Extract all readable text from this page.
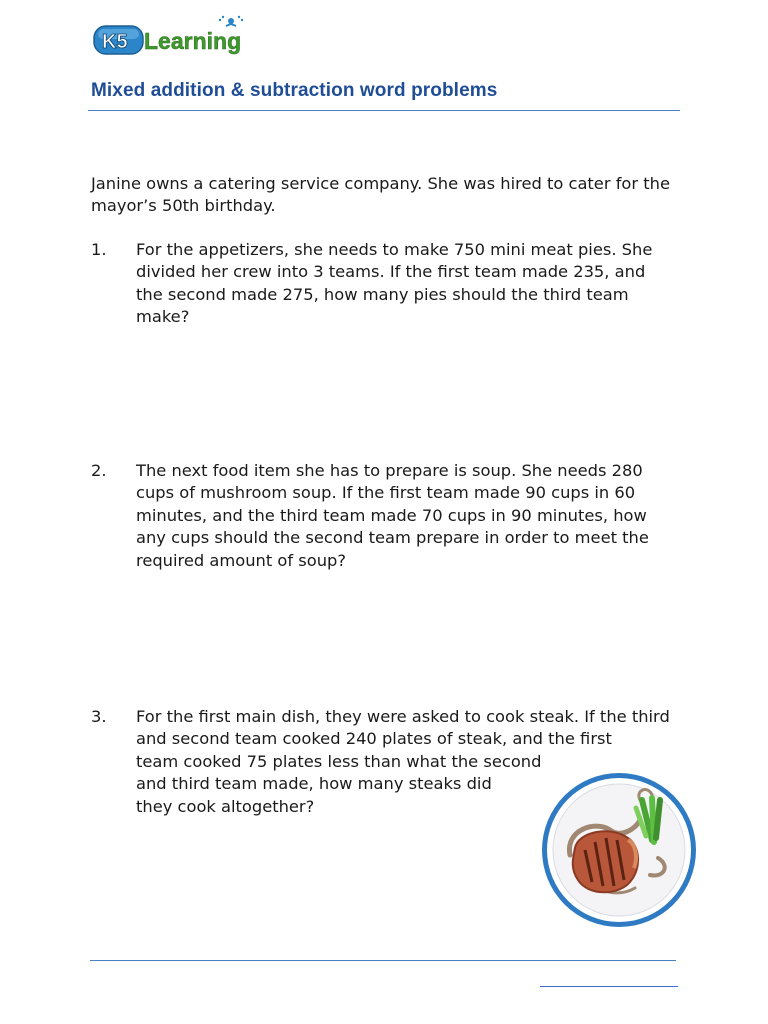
K5 Learning
Mixed addition & subtraction word problems

Janine owns a catering service company. She was hired to cater for the mayor’s 50th birthday.

1. For the appetizers, she needs to make 750 mini meat pies. She divided her crew into 3 teams. If the first team made 235, and the second made 275, how many pies should the third team make?

2. The next food item she has to prepare is soup. She needs 280 cups of mushroom soup. If the first team made 90 cups in 60 minutes, and the third team made 70 cups in 90 minutes, how any cups should the second team prepare in order to meet the required amount of soup?

3. For the first main dish, they were asked to cook steak. If the third
and second team cooked 240 plates of steak, and the first
team cooked 75 plates less than what the second
and third team made, how many steaks did
they cook altogether?
